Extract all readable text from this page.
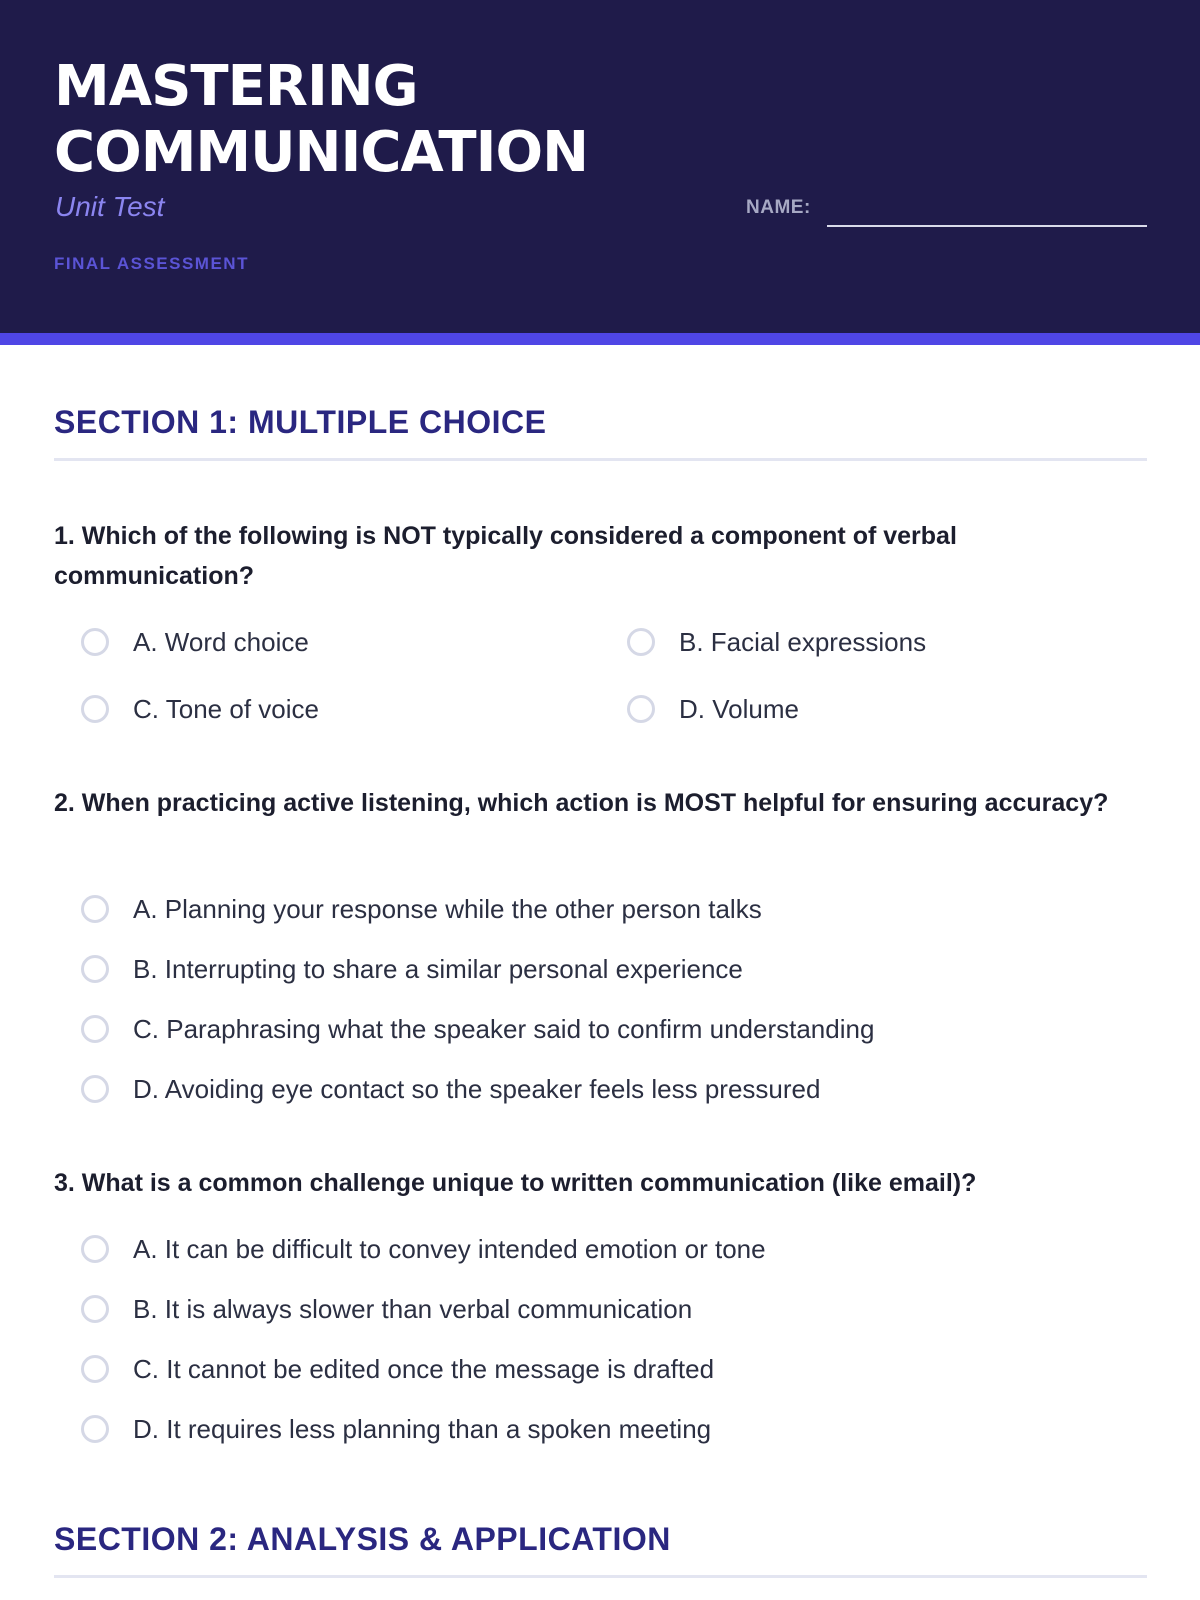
MASTERING
COMMUNICATION
Unit Test
FINAL ASSESSMENT
NAME:
SECTION 1: MULTIPLE CHOICE

1. Which of the following is NOT typically considered a component of verbal communication?

A. Word choice	B. Facial expressions
C. Tone of voice	D. Volume

2. When practicing active listening, which action is MOST helpful for ensuring accuracy?

A. Planning your response while the other person talks
B. Interrupting to share a similar personal experience
C. Paraphrasing what the speaker said to confirm understanding
D. Avoiding eye contact so the speaker feels less pressured

3. What is a common challenge unique to written communication (like email)?

A. It can be difficult to convey intended emotion or tone
B. It is always slower than verbal communication
C. It cannot be edited once the message is drafted
D. It requires less planning than a spoken meeting
SECTION 2: ANALYSIS & APPLICATION
